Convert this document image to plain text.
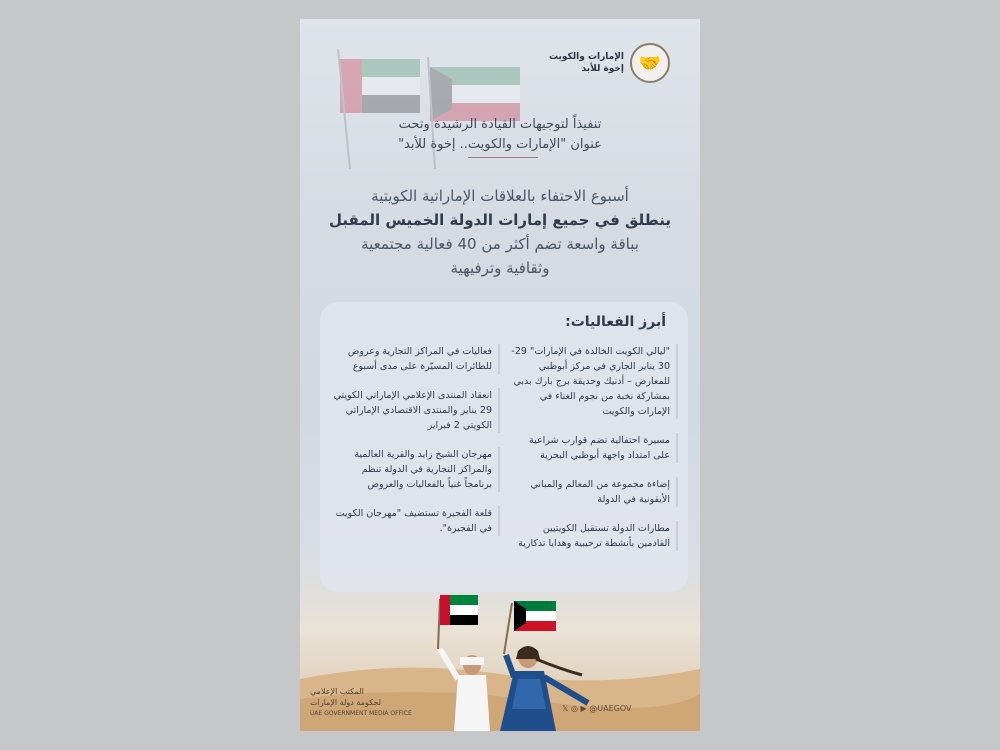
🤝
الإمارات والكويت
إخوة للأبد
تنفيذاً لتوجيهات القيادة الرشيدة وتحت
عنوان "الإمارات والكويت.. إخوة للأبد"
أسبوع الاحتفاء بالعلاقات الإماراتية الكويتية
ينطلق في جميع إمارات الدولة الخميس المقبل
بباقة واسعة تضم أكثر من 40 فعالية مجتمعية
وثقافية وترفيهية
أبرز الفعاليات:
"ليالي الكويت الخالدة في الإمارات" 29-30 يناير الجاري في مركز أبوظبي للمعارض – أدنيك وحديقة برج بارك بدبي بمشاركة نخبة من نجوم الغناء في الإمارات والكويت
مسيرة احتفالية تضم قوارب شراعية على امتداد واجهة أبوظبي البحرية
إضاءة مجموعة من المعالم والمباني الأيقونية في الدولة
مطارات الدولة تستقبل الكويتيين القادمين بأنشطة ترحيبية وهدايا تذكارية
فعاليات في المراكز التجارية وعروض للطائرات المسيّرة على مدى أسبوع
انعقاد المنتدى الإعلامي الإماراتي الكويتي 29 يناير والمنتدى الاقتصادي الإماراتي الكويتي 2 فبراير
مهرجان الشيخ زايد والقرية العالمية والمراكز التجارية في الدولة تنظم برنامجاً غنياً بالفعاليات والعروض
قلعة الفجيرة تستضيف "مهرجان الكويت في الفجيرة".
المكتب الإعلامي
لحكومة دولة الإمارات
UAE GOVERNMENT MEDIA OFFICE
𝕏 ◎ ▶ @UAEGOV
